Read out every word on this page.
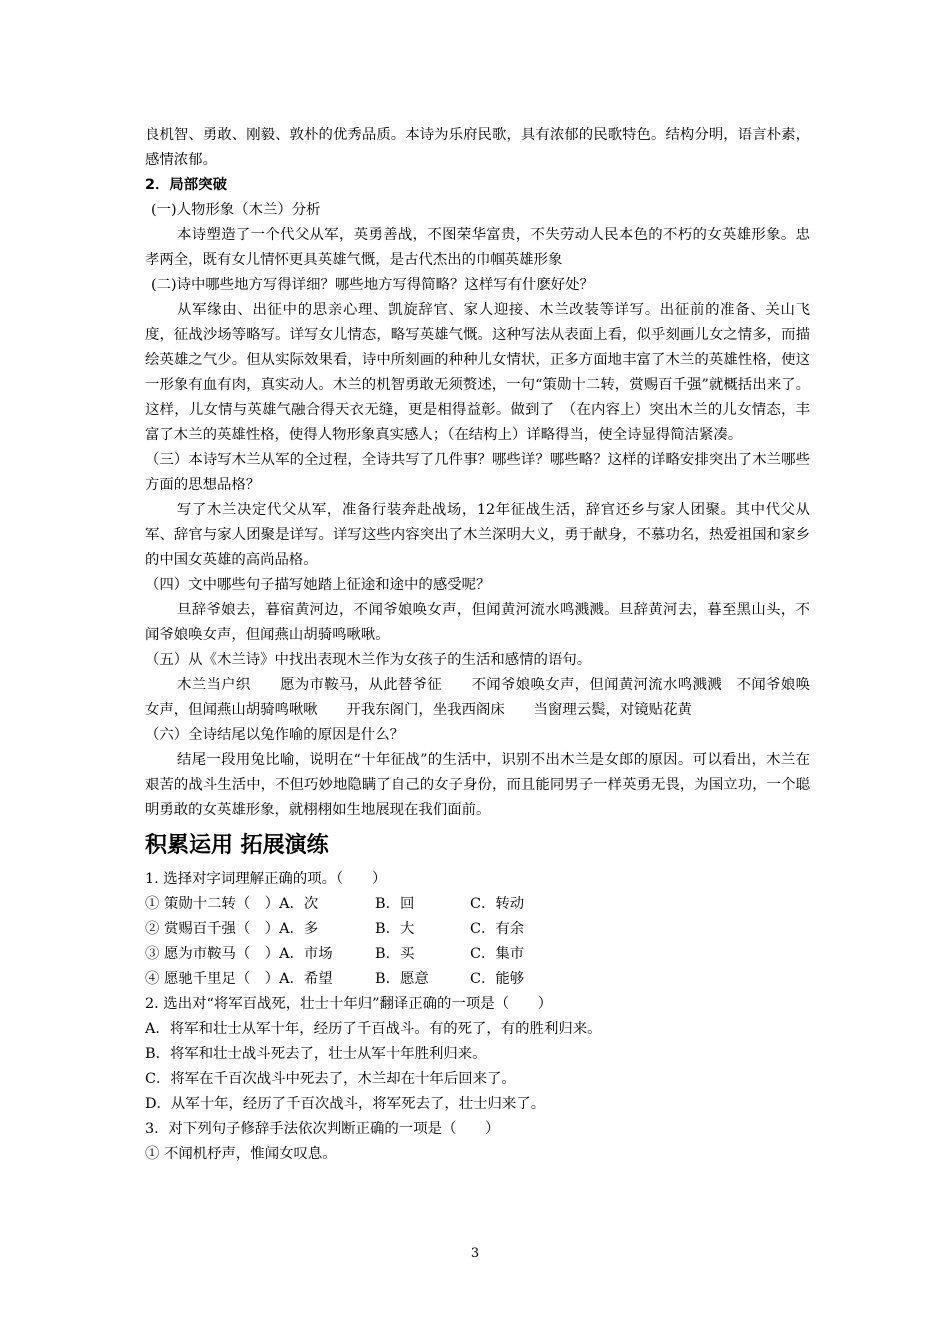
良机智、勇敢、刚毅、敦朴的优秀品质。本诗为乐府民歌，具有浓郁的民歌特色。结构分明，语言朴素，感情浓郁。
2．局部突破
(一)人物形象（木兰）分析
本诗塑造了一个代父从军，英勇善战，不图荣华富贵，不失劳动人民本色的不朽的女英雄形象。忠孝两全，既有女儿情怀更具英雄气慨，是古代杰出的巾帼英雄形象
(二)诗中哪些地方写得详细？哪些地方写得简略？这样写有什麽好处？
从军缘由、出征中的思亲心理、凯旋辞官、家人迎接、木兰改装等详写。出征前的准备、关山飞度，征战沙场等略写。详写女儿情态，略写英雄气慨。这种写法从表面上看，似乎刻画儿女之情多，而描绘英雄之气少。但从实际效果看，诗中所刻画的种种儿女情状，正多方面地丰富了木兰的英雄性格，使这一形象有血有肉，真实动人。木兰的机智勇敢无须赘述，一句“策勋十二转，赏赐百千强”就概括出来了。这样，儿女情与英雄气融合得天衣无缝，更是相得益彰。做到了　（在内容上）突出木兰的儿女情态，丰富了木兰的英雄性格，使得人物形象真实感人；（在结构上）详略得当，使全诗显得简洁紧凑。
（三）本诗写木兰从军的全过程，全诗共写了几件事？哪些详？哪些略？这样的详略安排突出了木兰哪些方面的思想品格？
写了木兰决定代父从军，准备行装奔赴战场，12年征战生活，辞官还乡与家人团聚。其中代父从军、辞官与家人团聚是详写。详写这些内容突出了木兰深明大义，勇于献身，不慕功名，热爱祖国和家乡的中国女英雄的高尚品格。
（四）文中哪些句子描写她踏上征途和途中的感受呢？
旦辞爷娘去，暮宿黄河边，不闻爷娘唤女声，但闻黄河流水鸣溅溅。旦辞黄河去，暮至黑山头，不闻爷娘唤女声，但闻燕山胡骑鸣啾啾。
（五）从《木兰诗》中找出表现木兰作为女孩子的生活和感情的语句。
木兰当户织　　愿为市鞍马，从此替爷征　　不闻爷娘唤女声，但闻黄河流水鸣溅溅　不闻爷娘唤女声，但闻燕山胡骑鸣啾啾　　开我东阁门，坐我西阁床　　当窗理云鬓，对镜贴花黄
（六）全诗结尾以兔作喻的原因是什么？
结尾一段用兔比喻，说明在“十年征战”的生活中，识别不出木兰是女郎的原因。可以看出，木兰在艰苦的战斗生活中，不但巧妙地隐瞒了自己的女子身份，而且能同男子一样英勇无畏，为国立功，一个聪明勇敢的女英雄形象，就栩栩如生地展现在我们面前。
积累运用 拓展演练
1. 选择对字词理解正确的项。（　　）
① 策勋十二转（　）A．次	B．回	C．转动
② 赏赐百千强（　）A．多	B．大	C．有余
③ 愿为市鞍马（　）A．市场	B．买	C．集市
④ 愿驰千里足（　）A．希望	B．愿意	C．能够
2. 选出对“将军百战死，壮士十年归”翻译正确的一项是（　　）
A．将军和壮士从军十年，经历了千百战斗。有的死了，有的胜利归来。
B．将军和壮士战斗死去了，壮士从军十年胜利归来。
C．将军在千百次战斗中死去了，木兰却在十年后回来了。
D．从军十年，经历了千百次战斗，将军死去了，壮士归来了。
3．对下列句子修辞手法依次判断正确的一项是（　　）
① 不闻机杼声，惟闻女叹息。
3
